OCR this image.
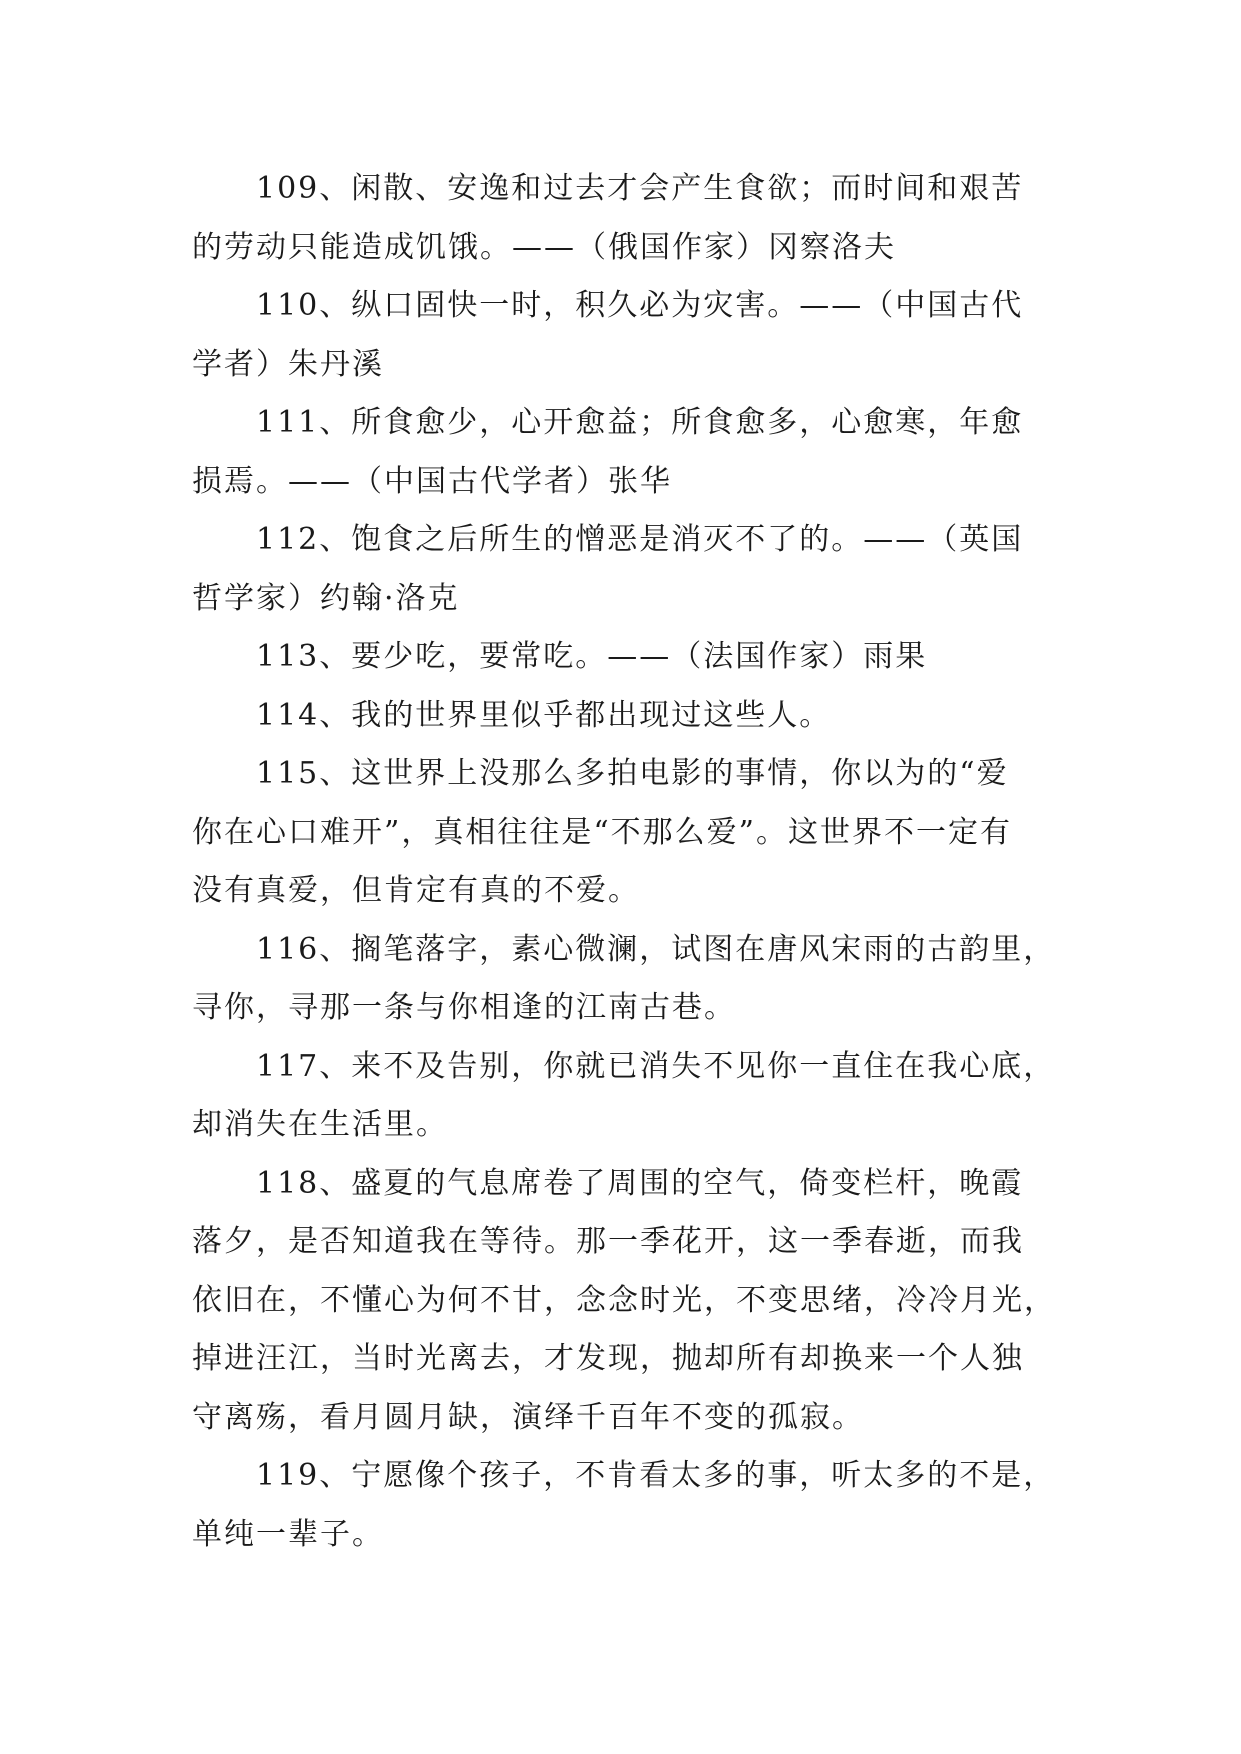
109、闲散、安逸和过去才会产生食欲；而时间和艰苦
的劳动只能造成饥饿。——（俄国作家）冈察洛夫
110、纵口固快一时，积久必为灾害。——（中国古代
学者）朱丹溪
111、所食愈少，心开愈益；所食愈多，心愈寒，年愈
损焉。——（中国古代学者）张华
112、饱食之后所生的憎恶是消灭不了的。——（英国
哲学家）约翰·洛克
113、要少吃，要常吃。——（法国作家）雨果
114、我的世界里似乎都出现过这些人。
115、这世界上没那么多拍电影的事情，你以为的“爱
你在心口难开”，真相往往是“不那么爱”。这世界不一定有
没有真爱，但肯定有真的不爱。
116、搁笔落字，素心微澜，试图在唐风宋雨的古韵里，
寻你，寻那一条与你相逢的江南古巷。
117、来不及告别，你就已消失不见你一直住在我心底，
却消失在生活里。
118、盛夏的气息席卷了周围的空气，倚变栏杆，晚霞
落夕，是否知道我在等待。那一季花开，这一季春逝，而我
依旧在，不懂心为何不甘，念念时光，不变思绪，冷冷月光，
掉进汪江，当时光离去，才发现，抛却所有却换来一个人独
守离殇，看月圆月缺，演绎千百年不变的孤寂。
119、宁愿像个孩子，不肯看太多的事，听太多的不是，
单纯一辈子。
